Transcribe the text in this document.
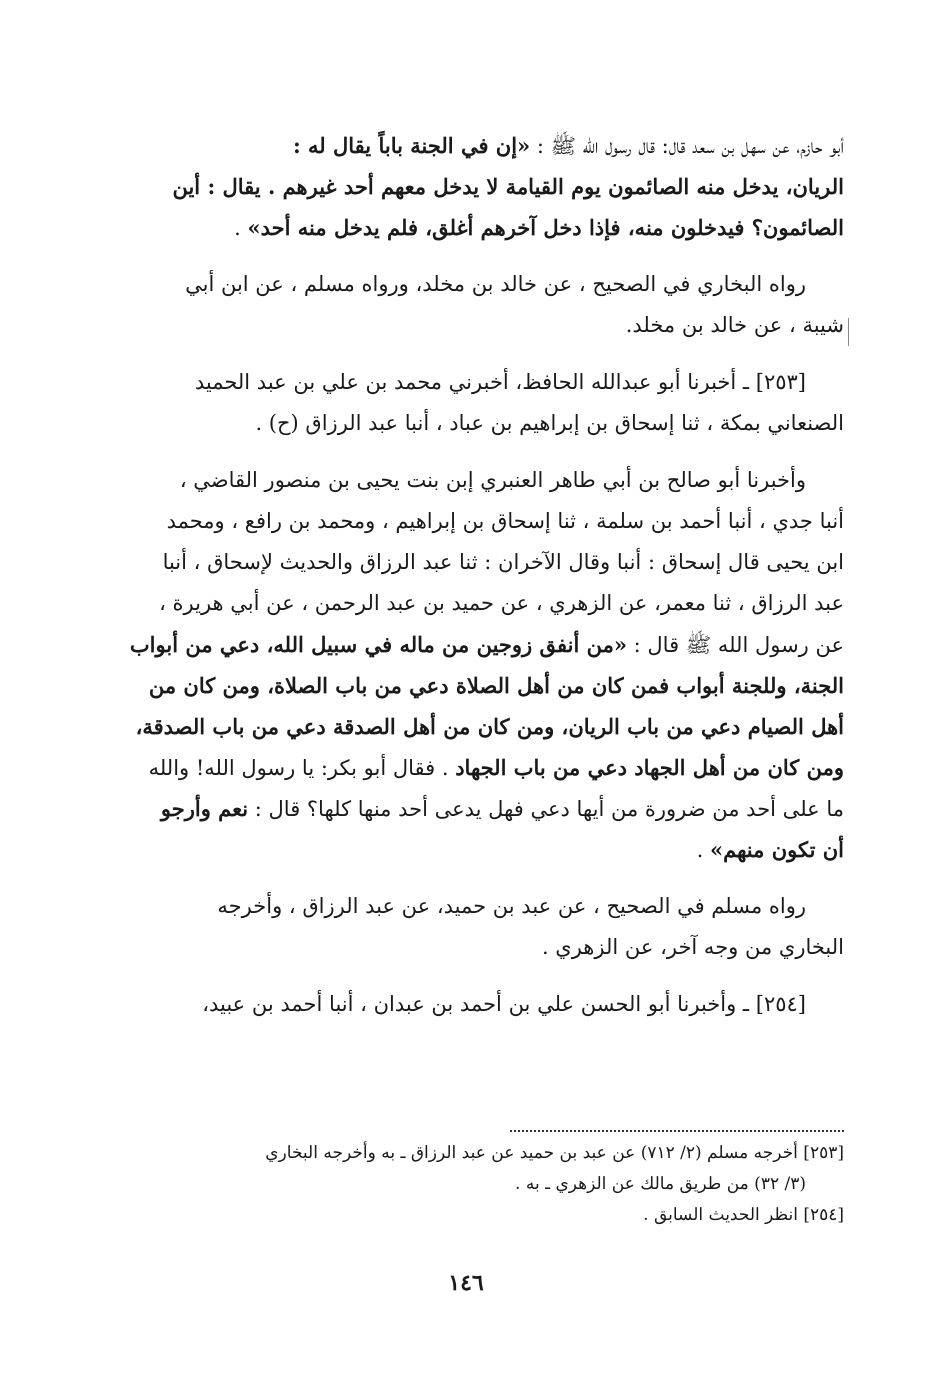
أبو حازم، عن سهل بن سعد قال: قال رسول الله ﷺ : «إن في الجنة باباً يقال له :
الريان، يدخل منه الصائمون يوم القيامة لا يدخل معهم أحد غيرهم . يقال : أين
الصائمون؟ فيدخلون منه، فإذا دخل آخرهم أغلق، فلم يدخل منه أحد» .
رواه البخاري في الصحيح ، عن خالد بن مخلد، ورواه مسلم ، عن ابن أبي
شيبة ، عن خالد بن مخلد.
[٢٥٣] ـ أخبرنا أبو عبدالله الحافظ، أخبرني محمد بن علي بن عبد الحميد
الصنعاني بمكة ، ثنا إسحاق بن إبراهيم بن عباد ، أنبا عبد الرزاق (ح) .
وأخبرنا أبو صالح بن أبي طاهر العنبري إبن بنت يحيى بن منصور القاضي ،
أنبا جدي ، أنبا أحمد بن سلمة ، ثنا إسحاق بن إبراهيم ، ومحمد بن رافع ، ومحمد
ابن يحيى قال إسحاق : أنبا وقال الآخران : ثنا عبد الرزاق والحديث لإسحاق ، أنبا
عبد الرزاق ، ثنا معمر، عن الزهري ، عن حميد بن عبد الرحمن ، عن أبي هريرة ،
عن رسول الله ﷺ قال : «من أنفق زوجين من ماله في سبيل الله، دعي من أبواب
الجنة، وللجنة أبواب فمن كان من أهل الصلاة دعي من باب الصلاة، ومن كان من
أهل الصيام دعي من باب الريان، ومن كان من أهل الصدقة دعي من باب الصدقة،
ومن كان من أهل الجهاد دعي من باب الجهاد . فقال أبو بكر: يا رسول الله! والله
ما على أحد من ضرورة من أيها دعي فهل يدعى أحد منها كلها؟ قال : نعم وأرجو
أن تكون منهم» .
رواه مسلم في الصحيح ، عن عبد بن حميد، عن عبد الرزاق ، وأخرجه
البخاري من وجه آخر، عن الزهري .
[٢٥٤] ـ وأخبرنا أبو الحسن علي بن أحمد بن عبدان ، أنبا أحمد بن عبيد،
[٢٥٣] أخرجه مسلم (٢/ ٧١٢) عن عبد بن حميد عن عبد الرزاق ـ به وأخرجه البخاري
(٣/ ٣٢) من طريق مالك عن الزهري ـ به .
[٢٥٤] انظر الحديث السابق .
١٤٦
